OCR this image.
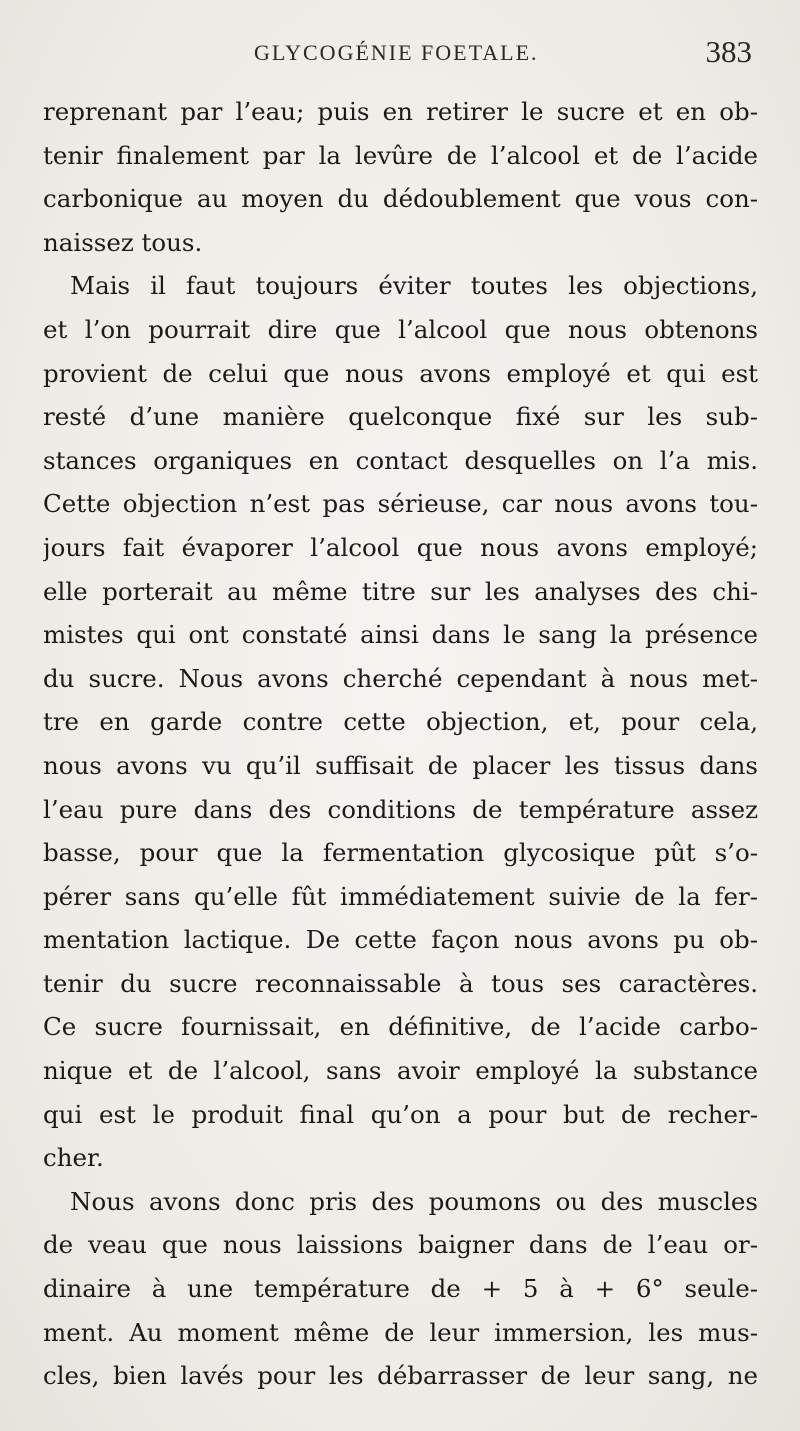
GLYCOGÉNIE FOETALE.	383
reprenant par l’eau; puis en retirer le sucre et en ob-
tenir finalement par la levûre de l’alcool et de l’acide
carbonique au moyen du dédoublement que vous con-
naissez tous.
Mais il faut toujours éviter toutes les objections,
et l’on pourrait dire que l’alcool que nous obtenons
provient de celui que nous avons employé et qui est
resté d’une manière quelconque fixé sur les sub-
stances organiques en contact desquelles on l’a mis.
Cette objection n’est pas sérieuse, car nous avons tou-
jours fait évaporer l’alcool que nous avons employé;
elle porterait au même titre sur les analyses des chi-
mistes qui ont constaté ainsi dans le sang la présence
du sucre. Nous avons cherché cependant à nous met-
tre en garde contre cette objection, et, pour cela,
nous avons vu qu’il suffisait de placer les tissus dans
l’eau pure dans des conditions de température assez
basse, pour que la fermentation glycosique pût s’o-
pérer sans qu’elle fût immédiatement suivie de la fer-
mentation lactique. De cette façon nous avons pu ob-
tenir du sucre reconnaissable à tous ses caractères.
Ce sucre fournissait, en définitive, de l’acide carbo-
nique et de l’alcool, sans avoir employé la substance
qui est le produit final qu’on a pour but de recher-
cher.
Nous avons donc pris des poumons ou des muscles
de veau que nous laissions baigner dans de l’eau or-
dinaire à une température de + 5 à + 6° seule-
ment. Au moment même de leur immersion, les mus-
cles, bien lavés pour les débarrasser de leur sang, ne
